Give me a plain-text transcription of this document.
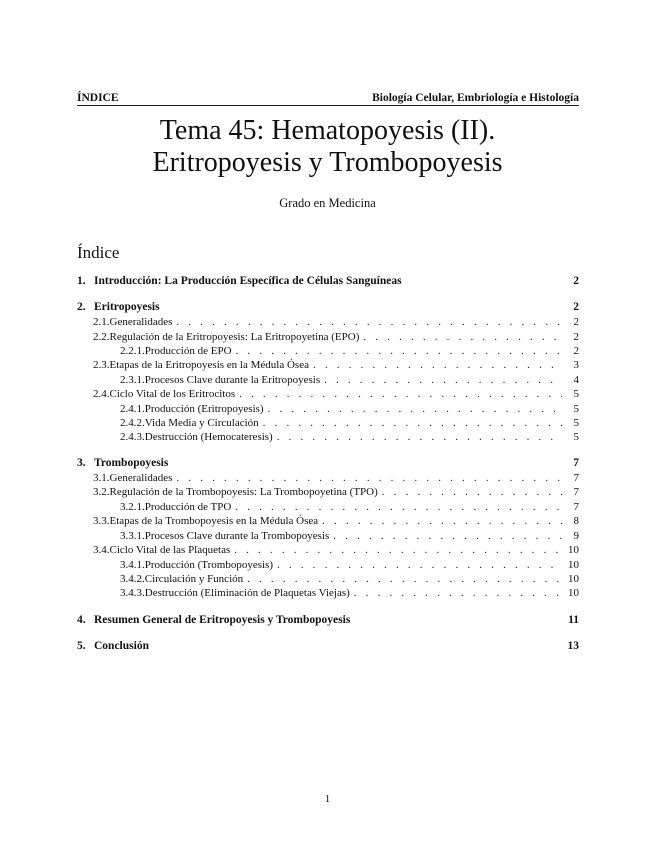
ÍNDICE	Biología Celular, Embriología e Histología
Tema 45: Hematopoyesis (II).
Eritropoyesis y Trombopoyesis
Grado en Medicina
Índice
1. Introducción: La Producción Específica de Células Sanguíneas	2
2. Eritropoyesis	2
2.1. Generalidades . . .	2
2.2. Regulación de la Eritropoyesis: La Eritropoyetina (EPO) . . .	2
2.2.1. Producción de EPO . . .	2
2.3. Etapas de la Eritropoyesis en la Médula Ósea . . .	3
2.3.1. Procesos Clave durante la Eritropoyesis . . .	4
2.4. Ciclo Vital de los Eritrocitos . . .	5
2.4.1. Producción (Eritropoyesis) . . .	5
2.4.2. Vida Media y Circulación . . .	5
2.4.3. Destrucción (Hemocateresis) . . .	5
3. Trombopoyesis	7
3.1. Generalidades . . .	7
3.2. Regulación de la Trombopoyesis: La Trombopoyetina (TPO) . . .	7
3.2.1. Producción de TPO . . .	7
3.3. Etapas de la Trombopoyesis en la Médula Ósea . . .	8
3.3.1. Procesos Clave durante la Trombopoyesis . . .	9
3.4. Ciclo Vital de las Plaquetas . . .	10
3.4.1. Producción (Trombopoyesis) . . .	10
3.4.2. Circulación y Función . . .	10
3.4.3. Destrucción (Eliminación de Plaquetas Viejas) . . .	10
4. Resumen General de Eritropoyesis y Trombopoyesis	11
5. Conclusión	13
1
